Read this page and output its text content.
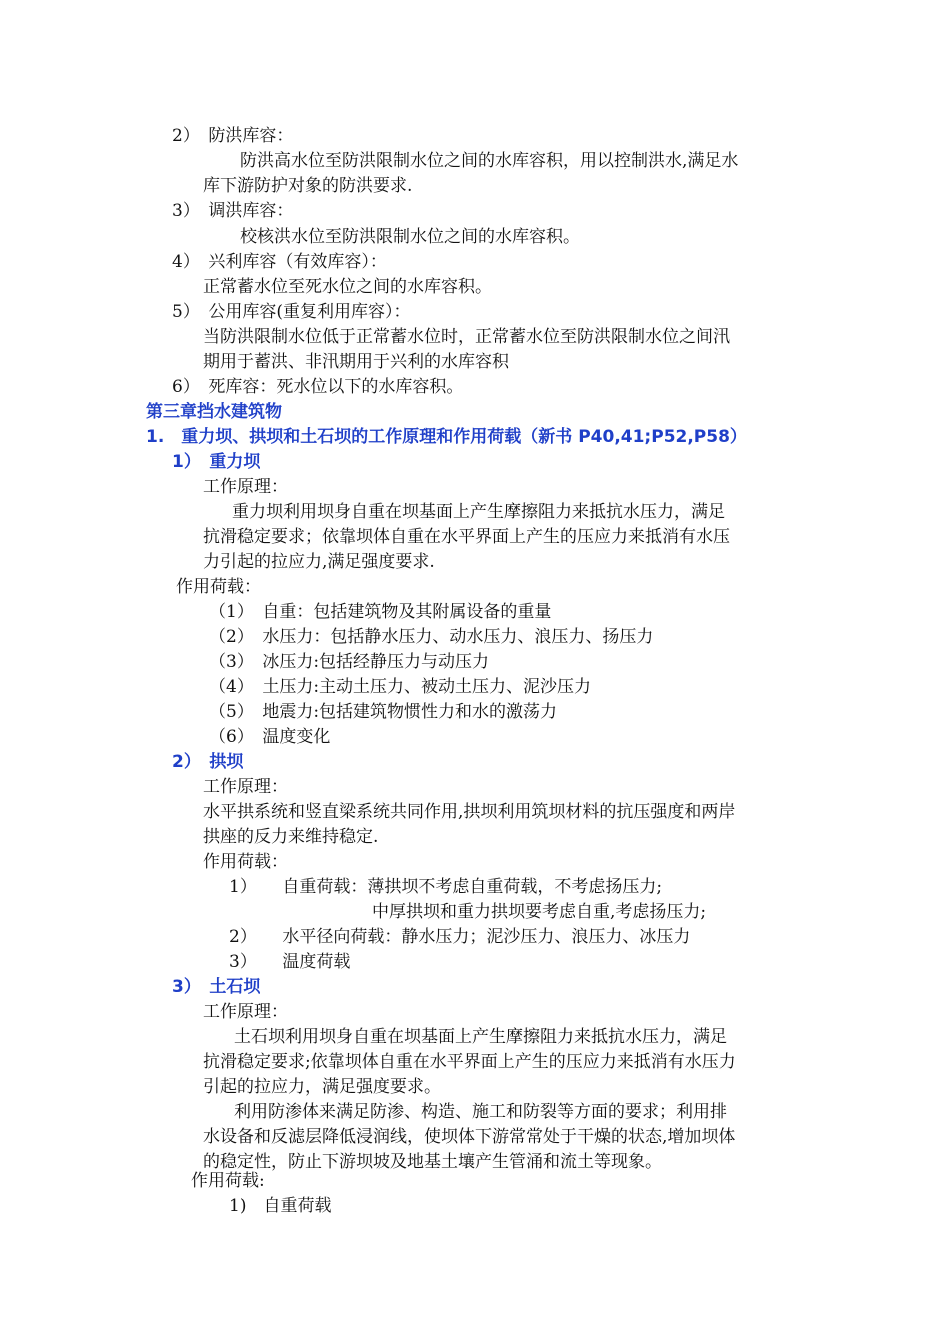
2）　防洪库容：
防洪高水位至防洪限制水位之间的水库容积，用以控制洪水,满足水
库下游防护对象的防洪要求.
3）　调洪库容：
校核洪水位至防洪限制水位之间的水库容积。
4）　兴利库容（有效库容）：
正常蓄水位至死水位之间的水库容积。
5）　公用库容(重复利用库容）：
当防洪限制水位低于正常蓄水位时，正常蓄水位至防洪限制水位之间汛
期用于蓄洪、非汛期用于兴利的水库容积
6）　死库容：死水位以下的水库容积。
第三章挡水建筑物
1.　重力坝、拱坝和土石坝的工作原理和作用荷载（新书 P40,41;P52,P58）
1）　重力坝
工作原理：
重力坝利用坝身自重在坝基面上产生摩擦阻力来抵抗水压力，满足
抗滑稳定要求；依靠坝体自重在水平界面上产生的压应力来抵消有水压
力引起的拉应力,满足强度要求.
作用荷载：
（1）　自重：包括建筑物及其附属设备的重量
（2）　水压力：包括静水压力、动水压力、浪压力、扬压力
（3）　冰压力:包括经静压力与动压力
（4）　土压力:主动土压力、被动土压力、泥沙压力
（5）　地震力:包括建筑物惯性力和水的激荡力
（6）　温度变化
2）　拱坝
工作原理：
水平拱系统和竖直梁系统共同作用,拱坝利用筑坝材料的抗压强度和两岸
拱座的反力来维持稳定.
作用荷载：
1）　　自重荷载：薄拱坝不考虑自重荷载，不考虑扬压力;
中厚拱坝和重力拱坝要考虑自重,考虑扬压力;
2）　　水平径向荷载：静水压力；泥沙压力、浪压力、冰压力
3）　　温度荷载
3）　土石坝
工作原理：
土石坝利用坝身自重在坝基面上产生摩擦阻力来抵抗水压力，满足
抗滑稳定要求;依靠坝体自重在水平界面上产生的压应力来抵消有水压力
引起的拉应力，满足强度要求。
利用防渗体来满足防渗、构造、施工和防裂等方面的要求；利用排
水设备和反滤层降低浸润线，使坝体下游常常处于干燥的状态,增加坝体
的稳定性，防止下游坝坡及地基土壤产生管涌和流土等现象。
作用荷载:
1)　自重荷载
